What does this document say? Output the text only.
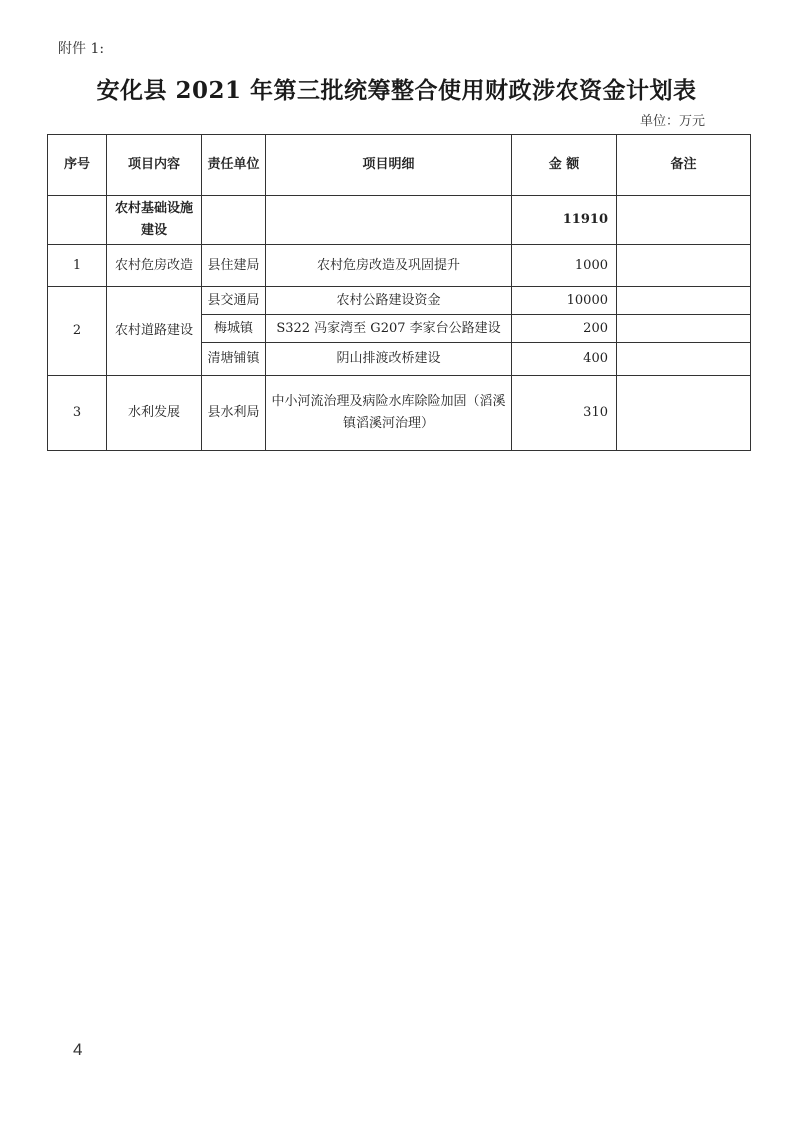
附件 1:
安化县 2021 年第三批统筹整合使用财政涉农资金计划表
单位：万元
序号	项目内容	责任单位	项目明细	金 额	备注
	农村基础设施建设			11910	
1	农村危房改造	县住建局	农村危房改造及巩固提升	1000	
2	农村道路建设	县交通局	农村公路建设资金	10000	
		梅城镇	S322 冯家湾至 G207 李家台公路建设	200	
		清塘铺镇	阴山排渡改桥建设	400	
3	水利发展	县水利局	中小河流治理及病险水库除险加固（滔溪镇滔溪河治理）	310	
4
